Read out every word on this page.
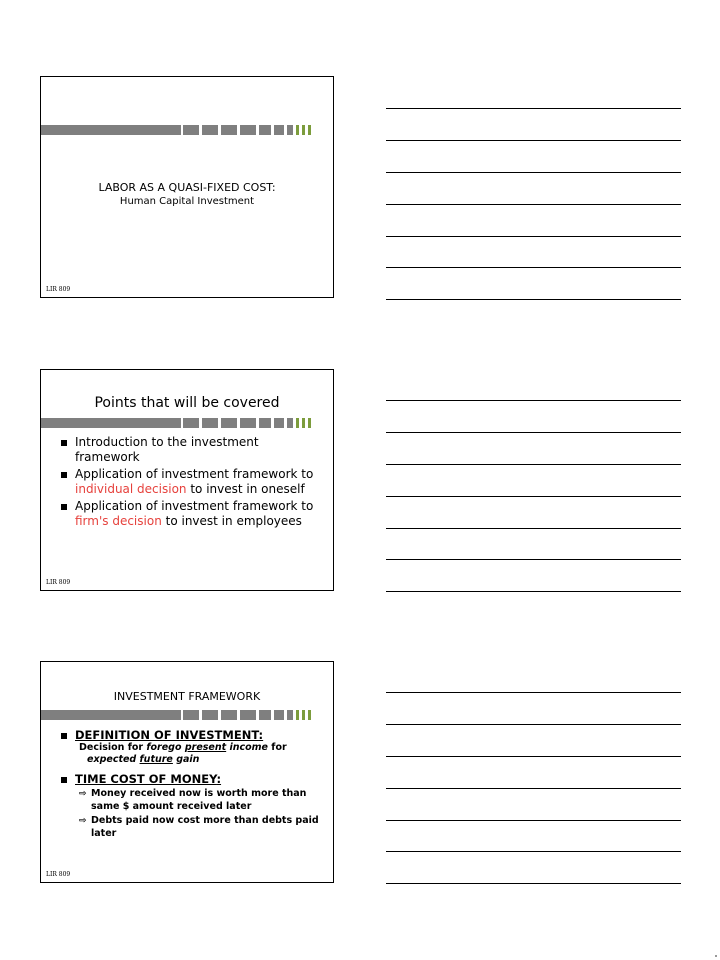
LABOR AS A QUASI-FIXED COST:
Human Capital Investment
LIR 809
Points that will be covered
Introduction to the investment framework
Application of investment framework to individual decision to invest in oneself
Application of investment framework to firm's decision to invest in employees
LIR 809
INVESTMENT FRAMEWORK
DEFINITION OF INVESTMENT:
Decision for forego present income for
expected future gain
TIME COST OF MONEY:
⇨ Money received now is worth more than same $ amount received later
⇨ Debts paid now cost more than debts paid later
LIR 809
